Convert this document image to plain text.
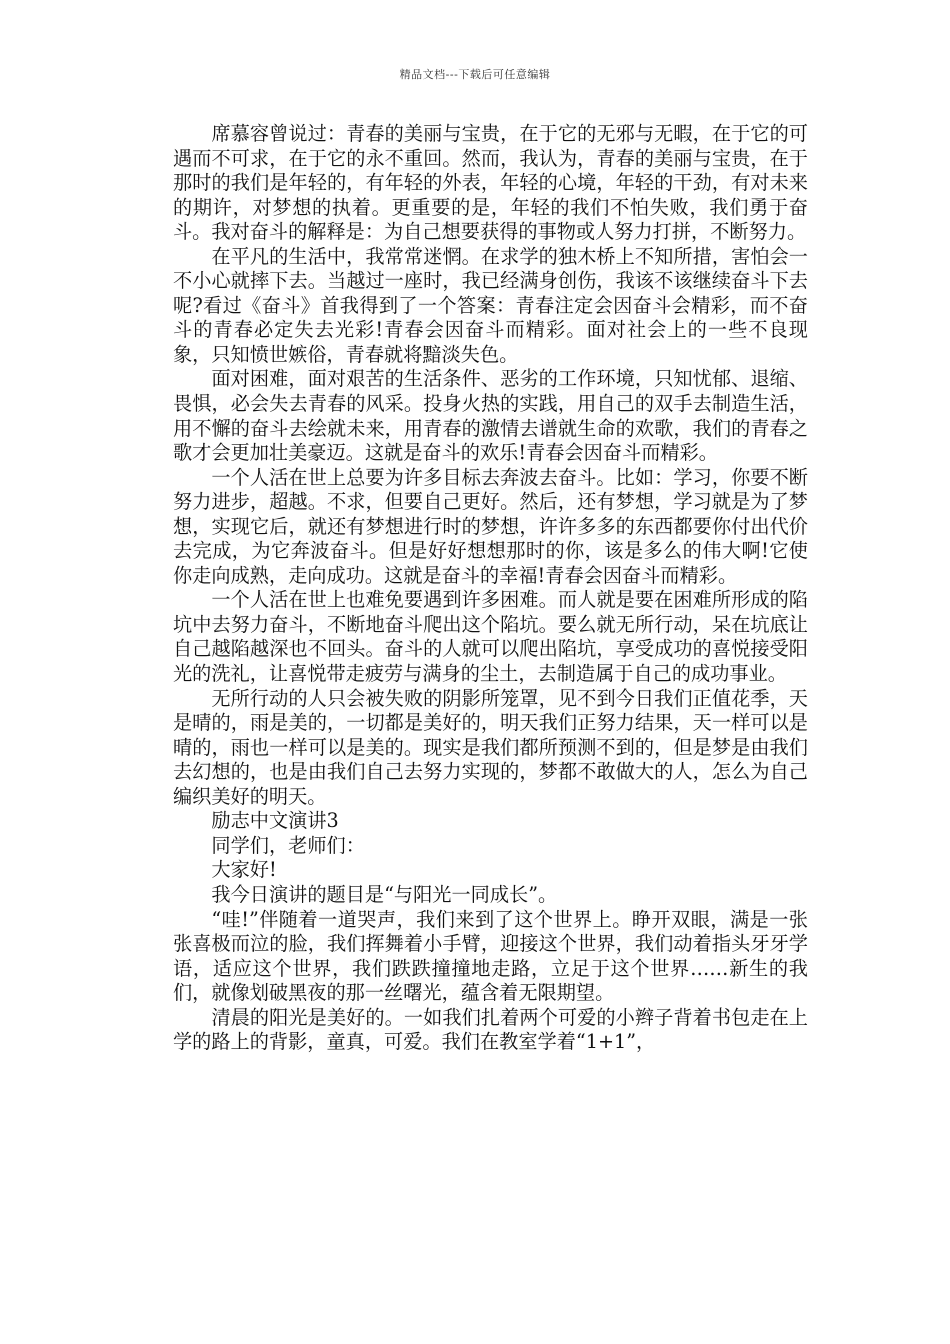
精品文档---下载后可任意编辑

席慕容曾说过：青春的美丽与宝贵，在于它的无邪与无暇，在于它的可遇而不可求，在于它的永不重回。然而，我认为，青春的美丽与宝贵，在于那时的我们是年轻的，有年轻的外表，年轻的心境，年轻的干劲，有对未来的期许，对梦想的执着。更重要的是，年轻的我们不怕失败，我们勇于奋斗。我对奋斗的解释是：为自己想要获得的事物或人努力打拼，不断努力。

在平凡的生活中，我常常迷惘。在求学的独木桥上不知所措，害怕会一不小心就摔下去。当越过一座时，我已经满身创伤，我该不该继续奋斗下去呢?看过《奋斗》首我得到了一个答案：青春注定会因奋斗会精彩，而不奋斗的青春必定失去光彩!青春会因奋斗而精彩。面对社会上的一些不良现象，只知愤世嫉俗，青春就将黯淡失色。

面对困难，面对艰苦的生活条件、恶劣的工作环境，只知忧郁、退缩、畏惧，必会失去青春的风采。投身火热的实践，用自己的双手去制造生活，用不懈的奋斗去绘就未来，用青春的激情去谱就生命的欢歌，我们的青春之歌才会更加壮美豪迈。这就是奋斗的欢乐!青春会因奋斗而精彩。

一个人活在世上总要为许多目标去奔波去奋斗。比如：学习，你要不断努力进步，超越。不求，但要自己更好。然后，还有梦想，学习就是为了梦想，实现它后，就还有梦想进行时的梦想，许许多多的东西都要你付出代价去完成，为它奔波奋斗。但是好好想想那时的你，该是多么的伟大啊!它使你走向成熟，走向成功。这就是奋斗的幸福!青春会因奋斗而精彩。

一个人活在世上也难免要遇到许多困难。而人就是要在困难所形成的陷坑中去努力奋斗，不断地奋斗爬出这个陷坑。要么就无所行动，呆在坑底让自己越陷越深也不回头。奋斗的人就可以爬出陷坑，享受成功的喜悦接受阳光的洗礼，让喜悦带走疲劳与满身的尘土，去制造属于自己的成功事业。

无所行动的人只会被失败的阴影所笼罩，见不到今日我们正值花季，天是晴的，雨是美的，一切都是美好的，明天我们正努力结果，天一样可以是晴的，雨也一样可以是美的。现实是我们都所预测不到的，但是梦是由我们去幻想的，也是由我们自己去努力实现的，梦都不敢做大的人，怎么为自己编织美好的明天。

励志中文演讲3

同学们，老师们：

大家好!

我今日演讲的题目是“与阳光一同成长”。

“哇!”伴随着一道哭声，我们来到了这个世界上。睁开双眼，满是一张张喜极而泣的脸，我们挥舞着小手臂，迎接这个世界，我们动着指头牙牙学语，适应这个世界，我们跌跌撞撞地走路，立足于这个世界……新生的我们，就像划破黑夜的那一丝曙光，蕴含着无限期望。

清晨的阳光是美好的。一如我们扎着两个可爱的小辫子背着书包走在上学的路上的背影，童真，可爱。我们在教室学着“1+1”，
